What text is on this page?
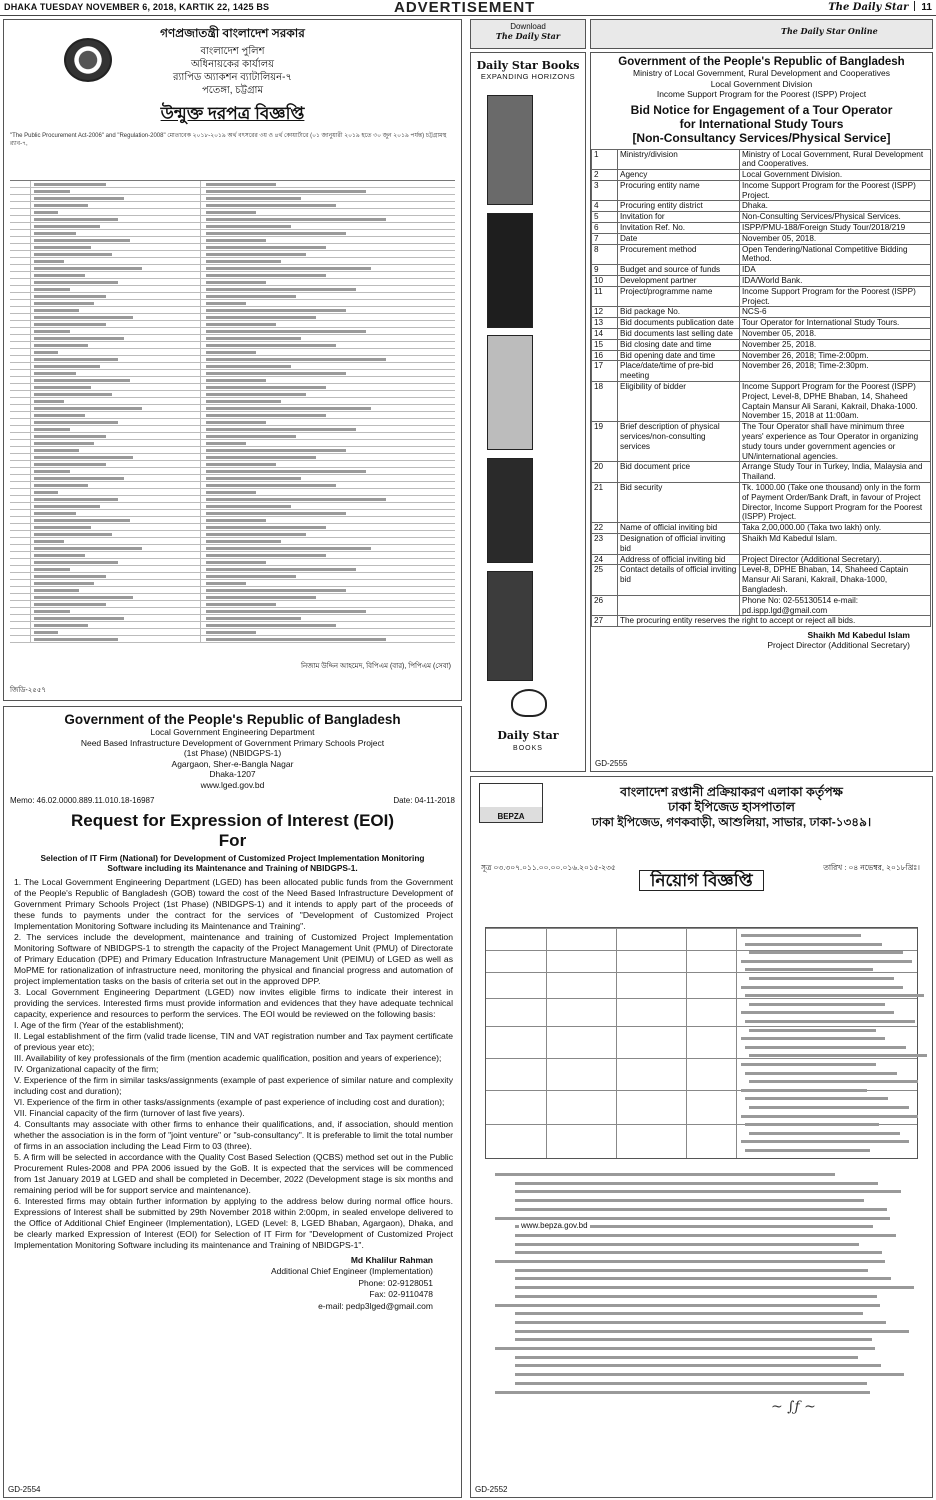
DHAKA TUESDAY NOVEMBER 6, 2018, KARTIK 22, 1425 BS	ADVERTISEMENT	The Daily Star 11
গণপ্রজাতন্ত্রী বাংলাদেশ সরকার
বাংলাদেশ পুলিশ
অধিনায়কের কার্যালয়
র‍্যাপিড অ্যাকশন ব্যাটালিয়ন-৭
পতেঙ্গা, চট্টগ্রাম
উন্মুক্ত দরপত্র বিজ্ঞপ্তি
"The Public Procurement Act-2006" and "Regulation-2008" মোতাবেক ২০১৮-২০১৯ অর্থ বৎসরের ৩য় ও ৪র্থ কোয়ার্টারে (০১ জানুয়ারী ২০১৯ হতে ৩০ জুন ২০১৯ পর্যন্ত) চট্টগ্রামস্থ র‍্যাব-৭,
নিজাম উদ্দিন আহমেদ, বিপিএম (বার), পিপিএম (সেবা)
জিডি-২৫৫৭
Download
The Daily Star	The Daily Star Online
Daily Star Books
EXPANDING HORIZONS
Daily Star
BOOKS
Government of the People's Republic of Bangladesh
Ministry of Local Government, Rural Development and Cooperatives
Local Government Division
Income Support Program for the Poorest (ISPP) Project
Bid Notice for Engagement of a Tour Operator
for International Study Tours
[Non-Consultancy Services/Physical Service]
1	Ministry/division	Ministry of Local Government, Rural Development and Cooperatives.
2	Agency	Local Government Division.
3	Procuring entity name	Income Support Program for the Poorest (ISPP) Project.
4	Procuring entity district	Dhaka.
5	Invitation for	Non-Consulting Services/Physical Services.
6	Invitation Ref. No.	ISPP/PMU-188/Foreign Study Tour/2018/219
7	Date	November 05, 2018.
8	Procurement method	Open Tendering/National Competitive Bidding Method.
9	Budget and source of funds	IDA
10	Development partner	IDA/World Bank.
11	Project/programme name	Income Support Program for the Poorest (ISPP) Project.
12	Bid package No.	NCS-6
13	Bid documents publication date	Tour Operator for International Study Tours.
14	Bid documents last selling date	November 05, 2018.
15	Bid closing date and time	November 25, 2018.
16	Bid opening date and time	November 26, 2018; Time-2:00pm.
17	Place/date/time of pre-bid meeting	November 26, 2018; Time-2:30pm.
18	Eligibility of bidder	Income Support Program for the Poorest (ISPP) Project, Level-8, DPHE Bhaban, 14, Shaheed Captain Mansur Ali Sarani, Kakrail, Dhaka-1000. November 15, 2018 at 11:00am.
19	Brief description of physical services/non-consulting services	The Tour Operator shall have minimum three years' experience as Tour Operator in organizing study tours under government agencies or UN/international agencies.
20	Bid document price	Arrange Study Tour in Turkey, India, Malaysia and Thailand.
21	Bid security	Tk. 1000.00 (Take one thousand) only in the form of Payment Order/Bank Draft, in favour of Project Director, Income Support Program for the Poorest (ISPP) Project.
22	Name of official inviting bid	Taka 2,00,000.00 (Taka two lakh) only.
23	Designation of official inviting bid	Shaikh Md Kabedul Islam.
24	Address of official inviting bid	Project Director (Additional Secretary).
25	Contact details of official inviting bid	Level-8, DPHE Bhaban, 14, Shaheed Captain Mansur Ali Sarani, Kakrail, Dhaka-1000, Bangladesh.
26		Phone No: 02-55130514 e-mail: pd.ispp.lgd@gmail.com
27	The procuring entity reserves the right to accept or reject all bids.	
Shaikh Md Kabedul Islam
Project Director (Additional Secretary)
GD-2555
Government of the People's Republic of Bangladesh
Local Government Engineering Department
Need Based Infrastructure Development of Government Primary Schools Project
(1st Phase) (NBIDGPS-1)
Agargaon, Sher-e-Bangla Nagar
Dhaka-1207
www.lged.gov.bd
Memo: 46.02.0000.889.11.010.18-16987	Date: 04-11-2018
Request for Expression of Interest (EOI)
For
Selection of IT Firm (National) for Development of Customized Project Implementation Monitoring Software including its Maintenance and Training of NBIDGPS-1.

1. The Local Government Engineering Department (LGED) has been allocated public funds from the Government of the People's Republic of Bangladesh (GOB) toward the cost of the Need Based Infrastructure Development of Government Primary Schools Project (1st Phase) (NBIDGPS-1) and it intends to apply part of the proceeds of these funds to payments under the contract for the services of "Development of Customized Project Implementation Monitoring Software including its Maintenance and Training".

2. The services include the development, maintenance and training of Customized Project Implementation Monitoring Software of NBIDGPS-1 to strength the capacity of the Project Management Unit (PMU) of Directorate of Primary Education (DPE) and Primary Education Infrastructure Management Unit (PEIMU) of LGED as well as MoPME for rationalization of infrastructure need, monitoring the physical and financial progress and automation of project implementation tasks on the basis of criteria set out in the approved DPP.

3. Local Government Engineering Department (LGED) now invites eligible firms to indicate their interest in providing the services. Interested firms must provide information and evidences that they have adequate technical capacity, experience and resources to perform the services. The EOI would be reviewed on the following basis:

I. Age of the firm (Year of the establishment);

II. Legal establishment of the firm (valid trade license, TIN and VAT registration number and Tax payment certificate of previous year etc);

III. Availability of key professionals of the firm (mention academic qualification, position and years of experience);

IV. Organizational capacity of the firm;

V. Experience of the firm in similar tasks/assignments (example of past experience of similar nature and complexity including cost and duration);

VI. Experience of the firm in other tasks/assignments (example of past experience of including cost and duration);

VII. Financial capacity of the firm (turnover of last five years).

4. Consultants may associate with other firms to enhance their qualifications, and, if association, should mention whether the association is in the form of "joint venture" or "sub-consultancy". It is preferable to limit the total number of firms in an association including the Lead Firm to 03 (three).

5. A firm will be selected in accordance with the Quality Cost Based Selection (QCBS) method set out in the Public Procurement Rules-2008 and PPA 2006 issued by the GoB. It is expected that the services will be commenced from 1st January 2019 at LGED and shall be completed in December, 2022 (Development stage is six months and remaining period will be for support service and maintenance).

6. Interested firms may obtain further information by applying to the address below during normal office hours. Expressions of Interest shall be submitted by 29th November 2018 within 2:00pm, in sealed envelope delivered to the Office of Additional Chief Engineer (Implementation), LGED (Level: 8, LGED Bhaban, Agargaon), Dhaka, and be clearly marked Expression of Interest (EOI) for Selection of IT Firm for "Development of Customized Project Implementation Monitoring Software including its maintenance and Training of NBIDGPS-1".

Md Khalilur Rahman
Additional Chief Engineer (Implementation)
Phone: 02-9128051
Fax: 02-9110478
e-mail: pedp3lged@gmail.com
GD-2554
BEPZA
বাংলাদেশ রপ্তানী প্রক্রিয়াকরণ এলাকা কর্তৃপক্ষ
ঢাকা ইপিজেড হাসপাতাল
ঢাকা ইপিজেড, গণকবাড়ী, আশুলিয়া, সাভার, ঢাকা-১৩৪৯।
সূত্র ০৩.৩০৭.০১১.০০.০০.০১৬.২০১৫-২৩৫	তারিখ : ০৪ নভেম্বর, ২০১৮খ্রিঃ।
নিয়োগ বিজ্ঞপ্তি
www.bepza.gov.bd
~ ∫ƒ ~
GD-2552
